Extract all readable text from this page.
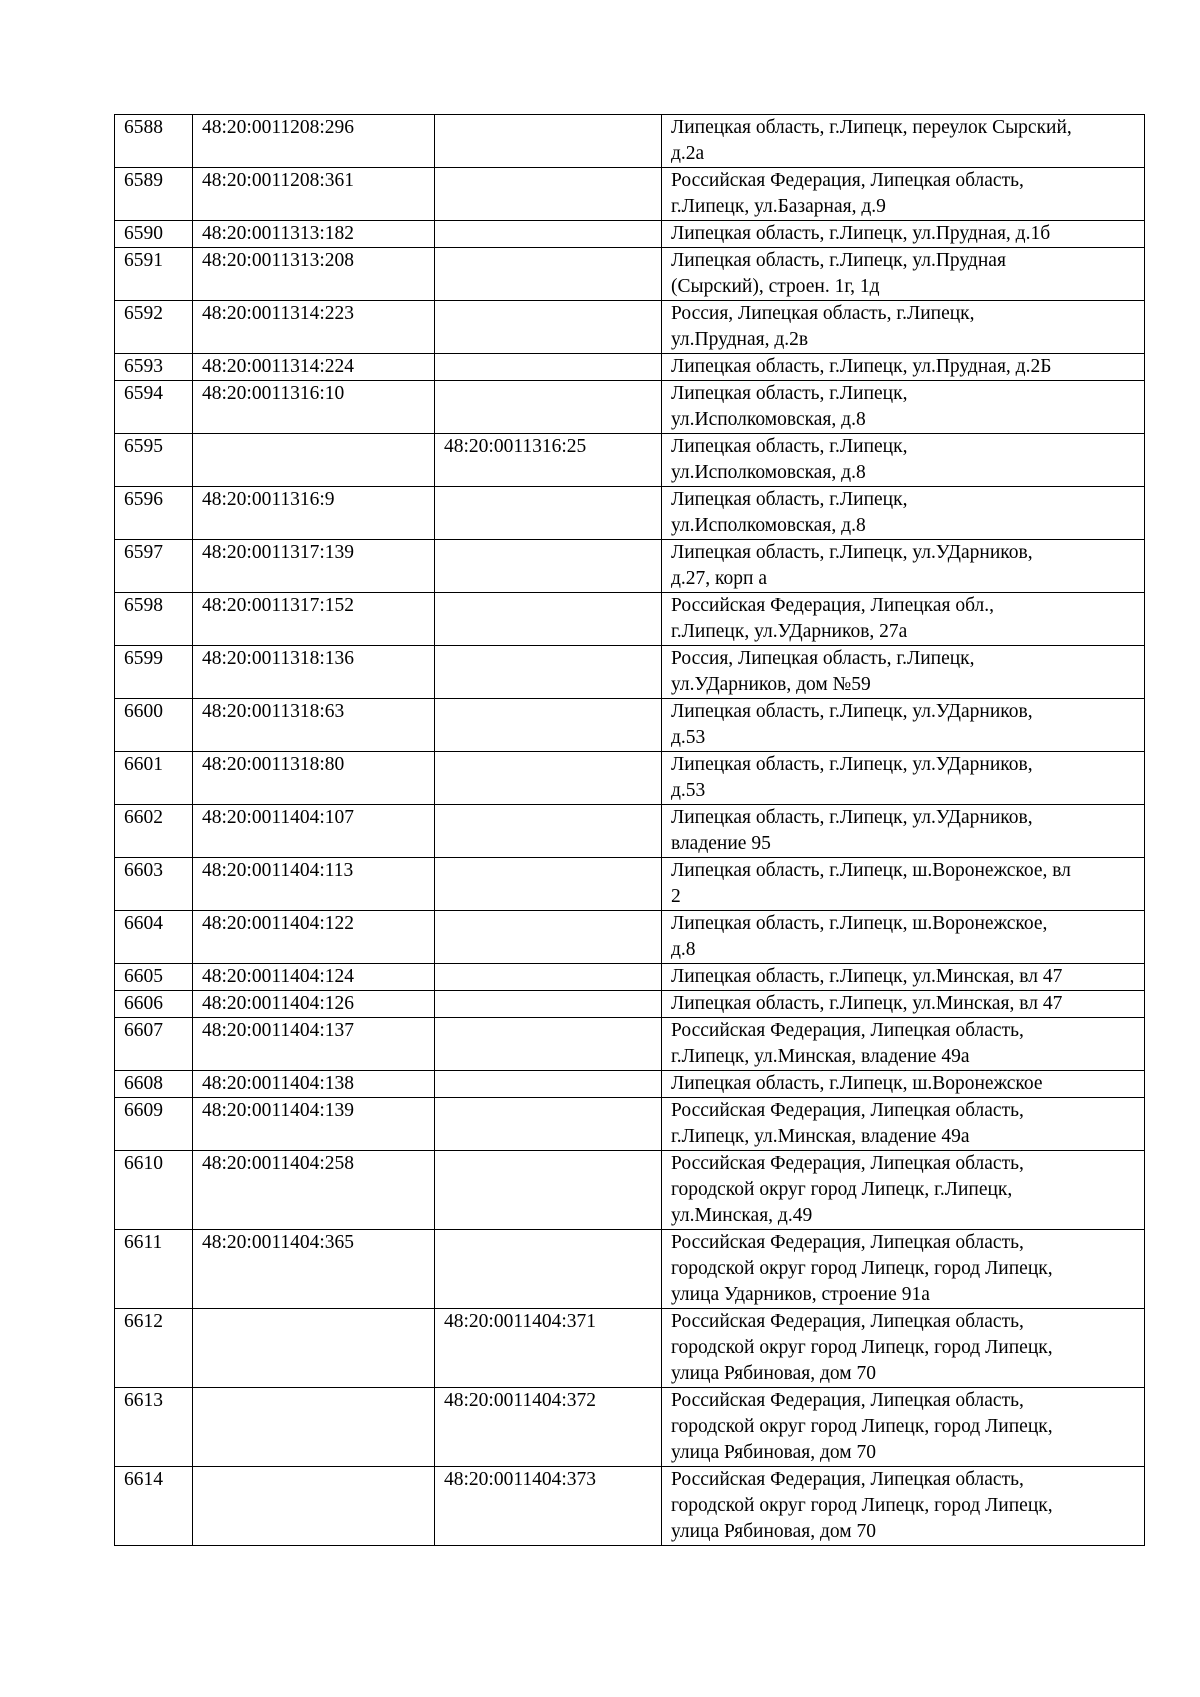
6588	48:20:0011208:296		Липецкая область, г.Липецк, переулок Сырский,
д.2а
6589	48:20:0011208:361		Российская Федерация, Липецкая область,
г.Липецк, ул.Базарная, д.9
6590	48:20:0011313:182		Липецкая область, г.Липецк, ул.Прудная, д.1б
6591	48:20:0011313:208		Липецкая область, г.Липецк, ул.Прудная
(Сырский), строен. 1г, 1д
6592	48:20:0011314:223		Россия, Липецкая область, г.Липецк,
ул.Прудная, д.2в
6593	48:20:0011314:224		Липецкая область, г.Липецк, ул.Прудная, д.2Б
6594	48:20:0011316:10		Липецкая область, г.Липецк,
ул.Исполкомовская, д.8
6595		48:20:0011316:25	Липецкая область, г.Липецк,
ул.Исполкомовская, д.8
6596	48:20:0011316:9		Липецкая область, г.Липецк,
ул.Исполкомовская, д.8
6597	48:20:0011317:139		Липецкая область, г.Липецк, ул.УДарников,
д.27, корп а
6598	48:20:0011317:152		Российская Федерация, Липецкая обл.,
г.Липецк, ул.УДарников, 27а
6599	48:20:0011318:136		Россия, Липецкая область, г.Липецк,
ул.УДарников, дом №59
6600	48:20:0011318:63		Липецкая область, г.Липецк, ул.УДарников,
д.53
6601	48:20:0011318:80		Липецкая область, г.Липецк, ул.УДарников,
д.53
6602	48:20:0011404:107		Липецкая область, г.Липецк, ул.УДарников,
владение 95
6603	48:20:0011404:113		Липецкая область, г.Липецк, ш.Воронежское, вл
2
6604	48:20:0011404:122		Липецкая область, г.Липецк, ш.Воронежское,
д.8
6605	48:20:0011404:124		Липецкая область, г.Липецк, ул.Минская, вл 47
6606	48:20:0011404:126		Липецкая область, г.Липецк, ул.Минская, вл 47
6607	48:20:0011404:137		Российская Федерация, Липецкая область,
г.Липецк, ул.Минская, владение 49а
6608	48:20:0011404:138		Липецкая область, г.Липецк, ш.Воронежское
6609	48:20:0011404:139		Российская Федерация, Липецкая область,
г.Липецк, ул.Минская, владение 49а
6610	48:20:0011404:258		Российская Федерация, Липецкая область,
городской округ город Липецк, г.Липецк,
ул.Минская, д.49
6611	48:20:0011404:365		Российская Федерация, Липецкая область,
городской округ город Липецк, город Липецк,
улица Ударников, строение 91а
6612		48:20:0011404:371	Российская Федерация, Липецкая область,
городской округ город Липецк, город Липецк,
улица Рябиновая, дом 70
6613		48:20:0011404:372	Российская Федерация, Липецкая область,
городской округ город Липецк, город Липецк,
улица Рябиновая, дом 70
6614		48:20:0011404:373	Российская Федерация, Липецкая область,
городской округ город Липецк, город Липецк,
улица Рябиновая, дом 70
